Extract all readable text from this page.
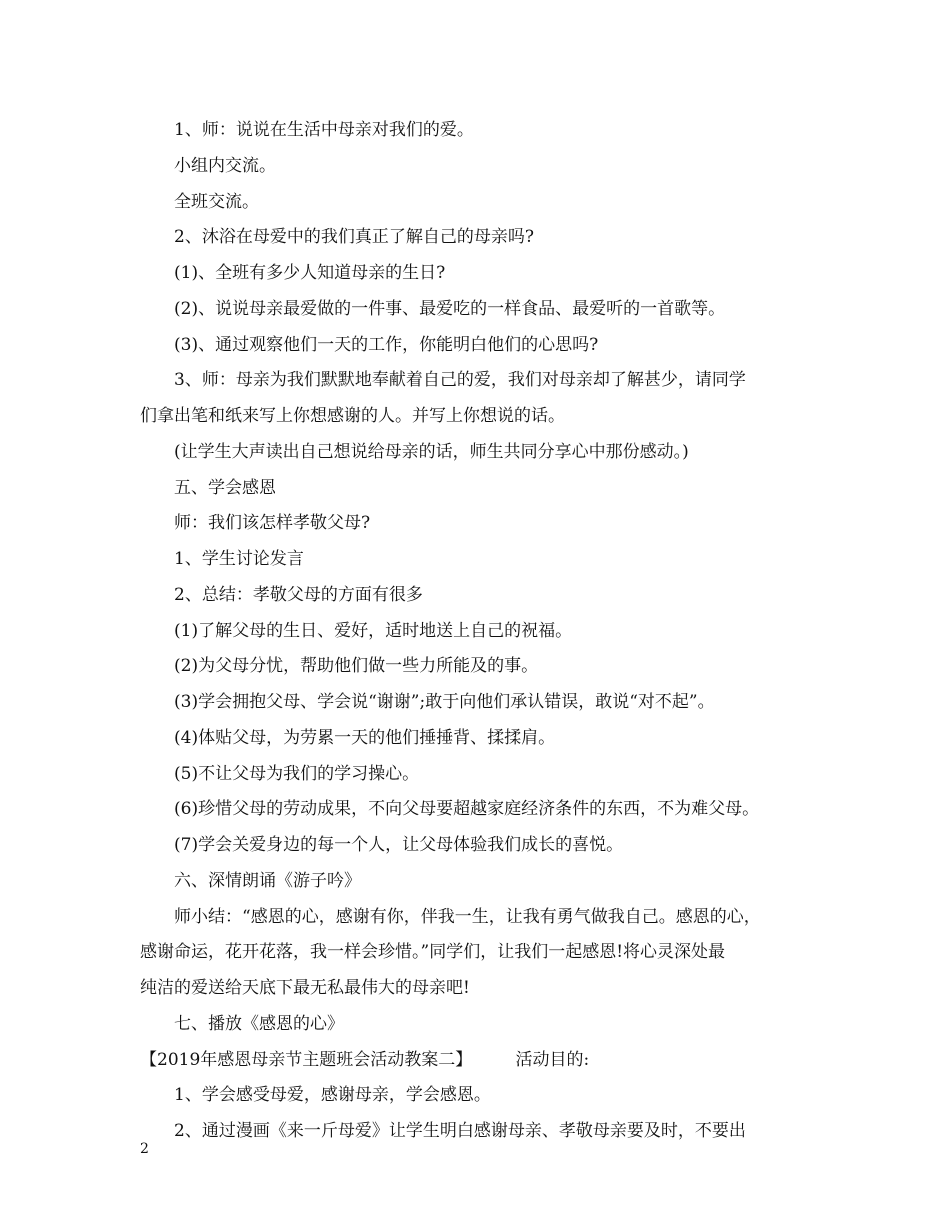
1、师：说说在生活中母亲对我们的爱。
小组内交流。
全班交流。
2、沐浴在母爱中的我们真正了解自己的母亲吗?
(1)、全班有多少人知道母亲的生日?
(2)、说说母亲最爱做的一件事、最爱吃的一样食品、最爱听的一首歌等。
(3)、通过观察他们一天的工作，你能明白他们的心思吗?
3、师：母亲为我们默默地奉献着自己的爱，我们对母亲却了解甚少，请同学
们拿出笔和纸来写上你想感谢的人。并写上你想说的话。
(让学生大声读出自己想说给母亲的话，师生共同分享心中那份感动。)
五、学会感恩
师：我们该怎样孝敬父母?
1、学生讨论发言
2、总结：孝敬父母的方面有很多
(1)了解父母的生日、爱好，适时地送上自己的祝福。
(2)为父母分忧，帮助他们做一些力所能及的事。
(3)学会拥抱父母、学会说“谢谢”;敢于向他们承认错误，敢说“对不起”。
(4)体贴父母，为劳累一天的他们捶捶背、揉揉肩。
(5)不让父母为我们的学习操心。
(6)珍惜父母的劳动成果，不向父母要超越家庭经济条件的东西，不为难父母。
(7)学会关爱身边的每一个人，让父母体验我们成长的喜悦。
六、深情朗诵《游子吟》
师小结：“感恩的心，感谢有你，伴我一生，让我有勇气做我自己。感恩的心，
感谢命运，花开花落，我一样会珍惜。”同学们，让我们一起感恩!将心灵深处最
纯洁的爱送给天底下最无私最伟大的母亲吧!
七、播放《感恩的心》
【2019年感恩母亲节主题班会活动教案二】        活动目的:
1、学会感受母爱，感谢母亲，学会感恩。
2、通过漫画《来一斤母爱》让学生明白感谢母亲、孝敬母亲要及时，不要出
2
